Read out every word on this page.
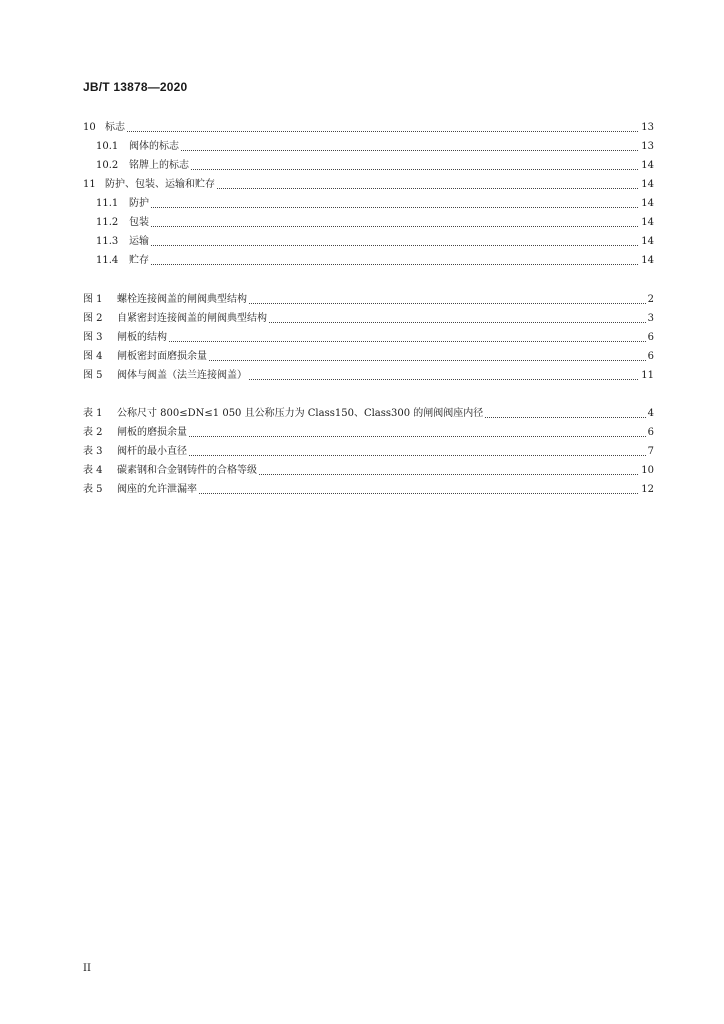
JB/T 13878—2020
10 标志	13
10.1 阀体的标志	13
10.2 铭牌上的标志	14
11 防护、包装、运输和贮存	14
11.1 防护	14
11.2 包装	14
11.3 运输	14
11.4 贮存	14
图 1 螺栓连接阀盖的闸阀典型结构	2
图 2 自紧密封连接阀盖的闸阀典型结构	3
图 3 闸板的结构	6
图 4 闸板密封面磨损余量	6
图 5 阀体与阀盖（法兰连接阀盖）	11
表 1 公称尺寸 800≤DN≤1 050 且公称压力为 Class150、Class300 的闸阀阀座内径	4
表 2 闸板的磨损余量	6
表 3 阀杆的最小直径	7
表 4 碳素钢和合金钢铸件的合格等级	10
表 5 阀座的允许泄漏率	12
II
